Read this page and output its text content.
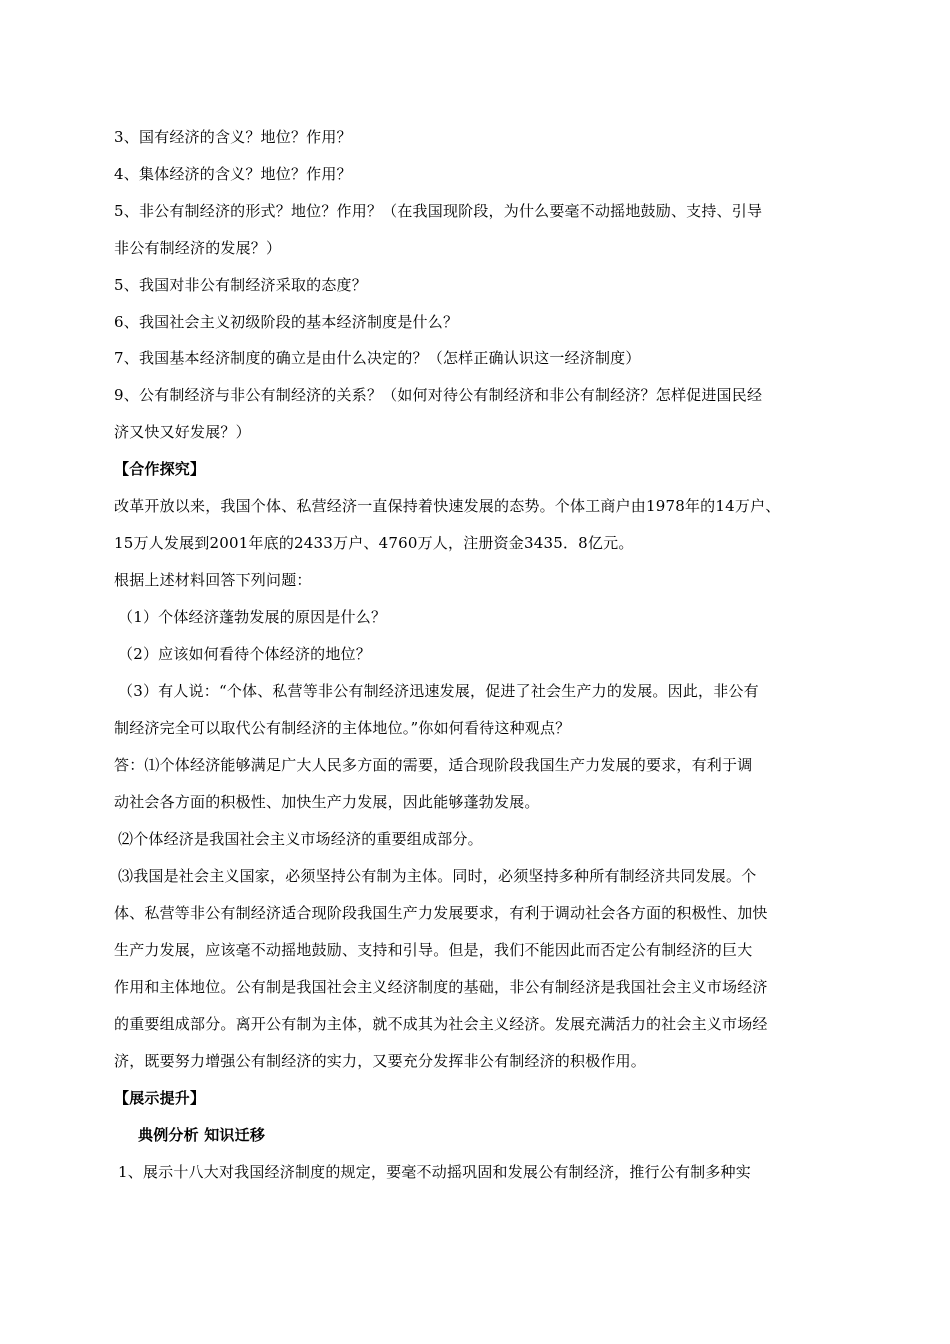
3、国有经济的含义？地位？作用？
4、集体经济的含义？地位？作用？
5、非公有制经济的形式？地位？作用？（在我国现阶段，为什么要毫不动摇地鼓励、支持、引导
非公有制经济的发展？）
5、我国对非公有制经济采取的态度？
6、我国社会主义初级阶段的基本经济制度是什么？
7、我国基本经济制度的确立是由什么决定的？（怎样正确认识这一经济制度）
9、公有制经济与非公有制经济的关系？（如何对待公有制经济和非公有制经济？怎样促进国民经
济又快又好发展？）
【合作探究】
改革开放以来，我国个体、私营经济一直保持着快速发展的态势。个体工商户由1978年的14万户、
15万人发展到2001年底的2433万户、4760万人，注册资金3435．8亿元。
根据上述材料回答下列问题：
（1）个体经济蓬勃发展的原因是什么？
（2）应该如何看待个体经济的地位？
（3）有人说：“个体、私营等非公有制经济迅速发展，促进了社会生产力的发展。因此，非公有
制经济完全可以取代公有制经济的主体地位。”你如何看待这种观点？
答：⑴个体经济能够满足广大人民多方面的需要，适合现阶段我国生产力发展的要求，有利于调
动社会各方面的积极性、加快生产力发展，因此能够蓬勃发展。
⑵个体经济是我国社会主义市场经济的重要组成部分。
⑶我国是社会主义国家，必须坚持公有制为主体。同时，必须坚持多种所有制经济共同发展。个
体、私营等非公有制经济适合现阶段我国生产力发展要求，有利于调动社会各方面的积极性、加快
生产力发展，应该毫不动摇地鼓励、支持和引导。但是，我们不能因此而否定公有制经济的巨大
作用和主体地位。公有制是我国社会主义经济制度的基础，非公有制经济是我国社会主义市场经济
的重要组成部分。离开公有制为主体，就不成其为社会主义经济。发展充满活力的社会主义市场经
济，既要努力增强公有制经济的实力，又要充分发挥非公有制经济的积极作用。
【展示提升】
典例分析 知识迁移
1、展示十八大对我国经济制度的规定，要毫不动摇巩固和发展公有制经济，推行公有制多种实
